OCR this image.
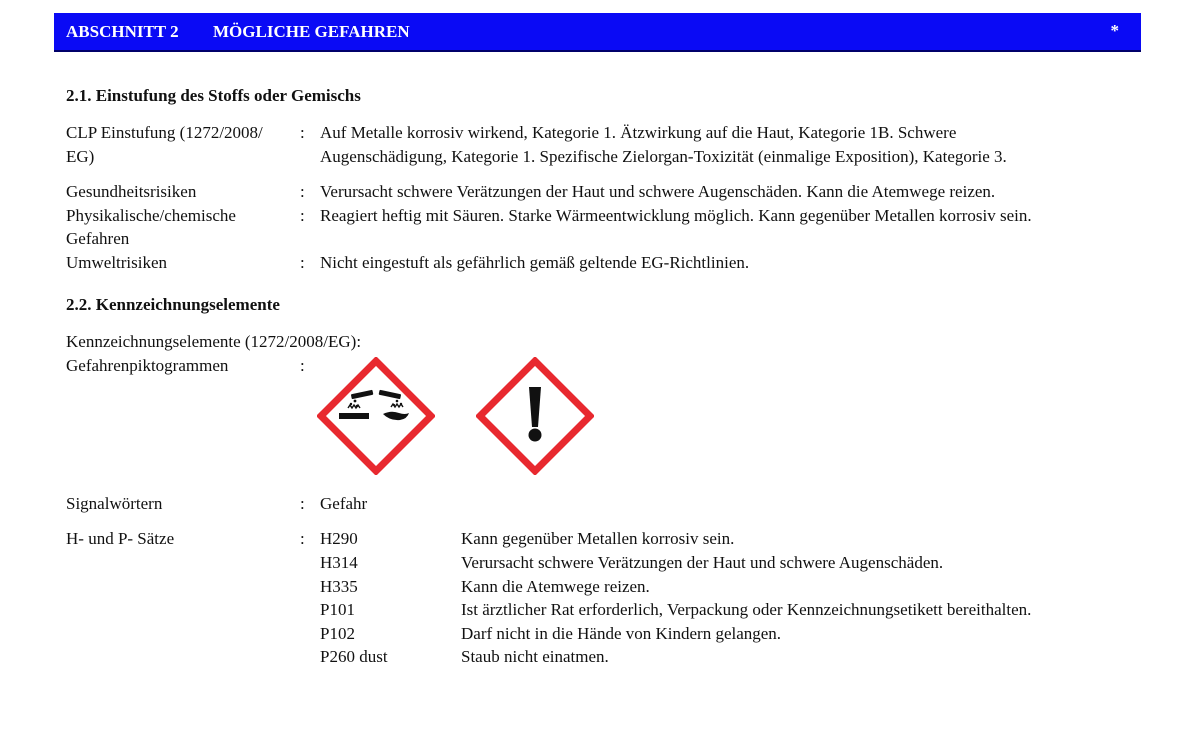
ABSCHNITT 2 MÖGLICHE GEFAHREN	*
2.1. Einstufung des Stoffs oder Gemischs
CLP Einstufung (1272/2008/
EG)
: Auf Metalle korrosiv wirkend, Kategorie 1. Ätzwirkung auf die Haut, Kategorie 1B. Schwere
Augenschädigung, Kategorie 1. Spezifische Zielorgan-Toxizität (einmalige Exposition), Kategorie 3.
Gesundheitsrisiken	: Verursacht schwere Verätzungen der Haut und schwere Augenschäden. Kann die Atemwege reizen.
Physikalische/chemische
Gefahren
: Reagiert heftig mit Säuren. Starke Wärmeentwicklung möglich. Kann gegenüber Metallen korrosiv sein.
Umweltrisiken	: Nicht eingestuft als gefährlich gemäß geltende EG-Richtlinien.
2.2. Kennzeichnungselemente
Kennzeichnungselemente (1272/2008/EG):
Gefahrenpiktogrammen	:
Signalwörtern	: Gefahr
H- und P- Sätze	: H290	Kann gegenüber Metallen korrosiv sein.
H314	Verursacht schwere Verätzungen der Haut und schwere Augenschäden.
H335	Kann die Atemwege reizen.
P101	Ist ärztlicher Rat erforderlich, Verpackung oder Kennzeichnungsetikett bereithalten.
P102	Darf nicht in die Hände von Kindern gelangen.
P260 dust	Staub nicht einatmen.
